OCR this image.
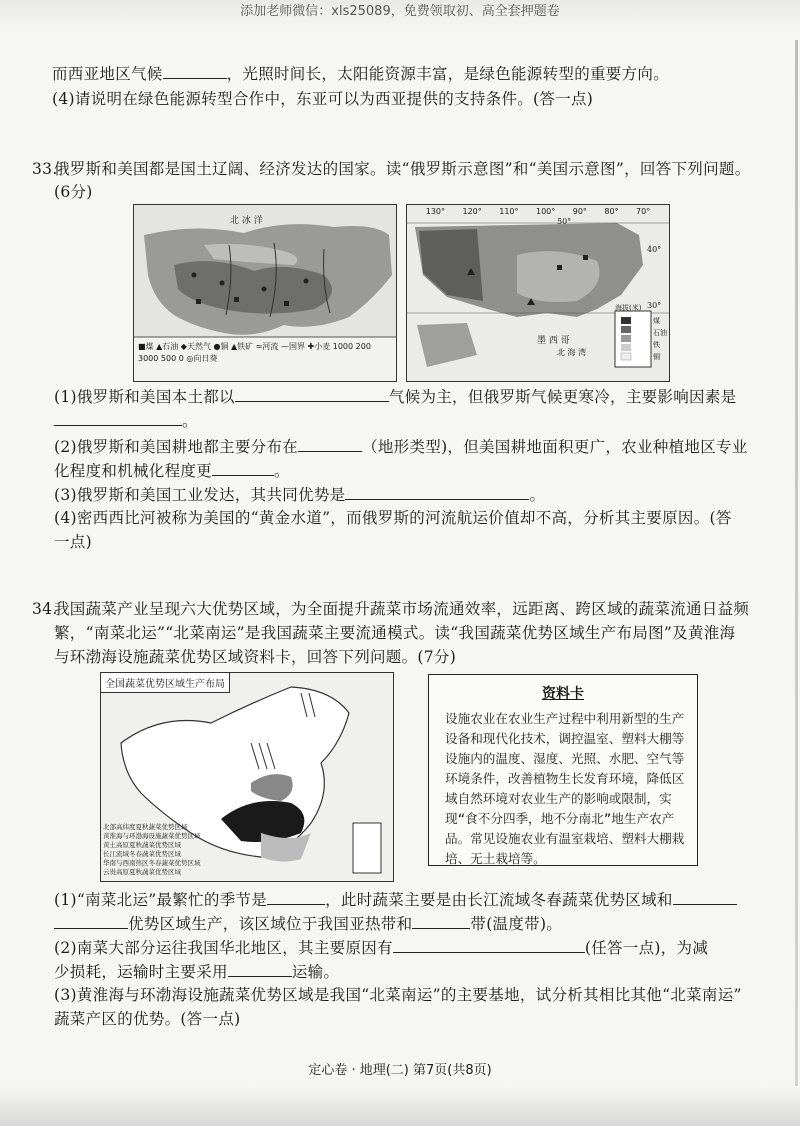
添加老师微信：xls25089，免费领取初、高全套押题卷
而西亚地区气候	，光照时间长，太阳能资源丰富，是绿色能源转型的重要方向。
(4)请说明在绿色能源转型合作中，东亚可以为西亚提供的支持条件。(答一点)
33.
俄罗斯和美国都是国土辽阔、经济发达的国家。读“俄罗斯示意图”和“美国示意图”，回答下列问题。
(6分)
北 冰 洋
■煤 ▲石油 ◆天然气 ●铜 ▲铁矿 ≈河流 —国界 ✚小麦 1000 200 3000 500 0 ◎向日葵
130° 120° 110° 100° 90° 80° 70°
50°
40°
30°
墨 西 哥
北 海 湾
海拔(米)
煤
石油
铁
铜
(1)俄罗斯和美国本土都以	气候为主，但俄罗斯气候更寒冷，主要影响因素是
。
(2)俄罗斯和美国耕地都主要分布在	（地形类型)，但美国耕地面积更广，农业种植地区专业
化程度和机械化程度更	。
(3)俄罗斯和美国工业发达，其共同优势是	。
(4)密西西比河被称为美国的“黄金水道”，而俄罗斯的河流航运价值却不高，分析其主要原因。(答
一点)
34.
我国蔬菜产业呈现六大优势区域，为全面提升蔬菜市场流通效率，远距离、跨区域的蔬菜流通日益频
繁，“南菜北运”“北菜南运”是我国蔬菜主要流通模式。读“我国蔬菜优势区域生产布局图”及黄淮海
与环渤海设施蔬菜优势区域资料卡，回答下列问题。(7分)
全国蔬菜优势区域生产布局
北部高纬度夏秋蔬菜优势区域
黄淮海与环渤海设施蔬菜优势区域
黄土高原夏秋蔬菜优势区域
长江流域冬春蔬菜优势区域
华南与西南热区冬春蔬菜优势区域
云贵高原夏秋蔬菜优势区域
资料卡
设施农业在农业生产过程中利用新型的生产设备和现代化技术，调控温室、塑料大棚等设施内的温度、湿度、光照、水肥、空气等环境条件，改善植物生长发育环境，降低区域自然环境对农业生产的影响或限制，实现“食不分四季，地不分南北”地生产农产品。常见设施农业有温室栽培、塑料大棚栽培、无土栽培等。
(1)“南菜北运”最繁忙的季节是	，此时蔬菜主要是由长江流域冬春蔬菜优势区域和
优势区域生产，该区域位于我国亚热带和	带(温度带)。
(2)南菜大部分运往我国华北地区，其主要原因有	(任答一点)，为减
少损耗，运输时主要采用	运输。
(3)黄淮海与环渤海设施蔬菜优势区域是我国“北菜南运”的主要基地，试分析其相比其他“北菜南运”
蔬菜产区的优势。(答一点)
定心卷 · 地理(二) 第7页(共8页)
